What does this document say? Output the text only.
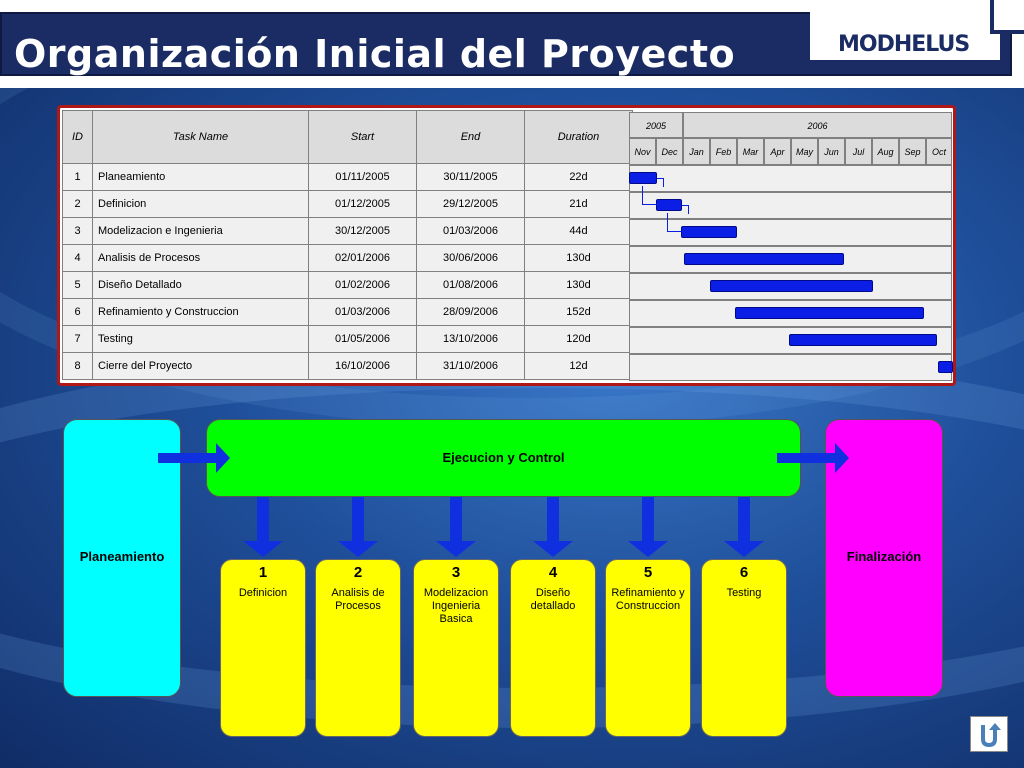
Organización Inicial del Proyecto	MODHELUS
ID	Task Name	Start	End	Duration
1	Planeamiento	01/11/2005	30/11/2005	22d
2	Definicion	01/12/2005	29/12/2005	21d
3	Modelizacion e Ingenieria	30/12/2005	01/03/2006	44d
4	Analisis de Procesos	02/01/2006	30/06/2006	130d
5	Diseño Detallado	01/02/2006	01/08/2006	130d
6	Refinamiento y Construccion	01/03/2006	28/09/2006	152d
7	Testing	01/05/2006	13/10/2006	120d
8	Cierre del Proyecto	16/10/2006	31/10/2006	12d
2005	2006
Nov	Dec	Jan	Feb	Mar	Apr	May	Jun	Jul	Aug	Sep	Oct
Planeamiento
Ejecucion y Control
Finalización
1
Definicion
2
Analisis de Procesos
3
Modelizacion Ingenieria Basica
4
Diseño detallado
5
Refinamiento y Construccion
6
Testing
